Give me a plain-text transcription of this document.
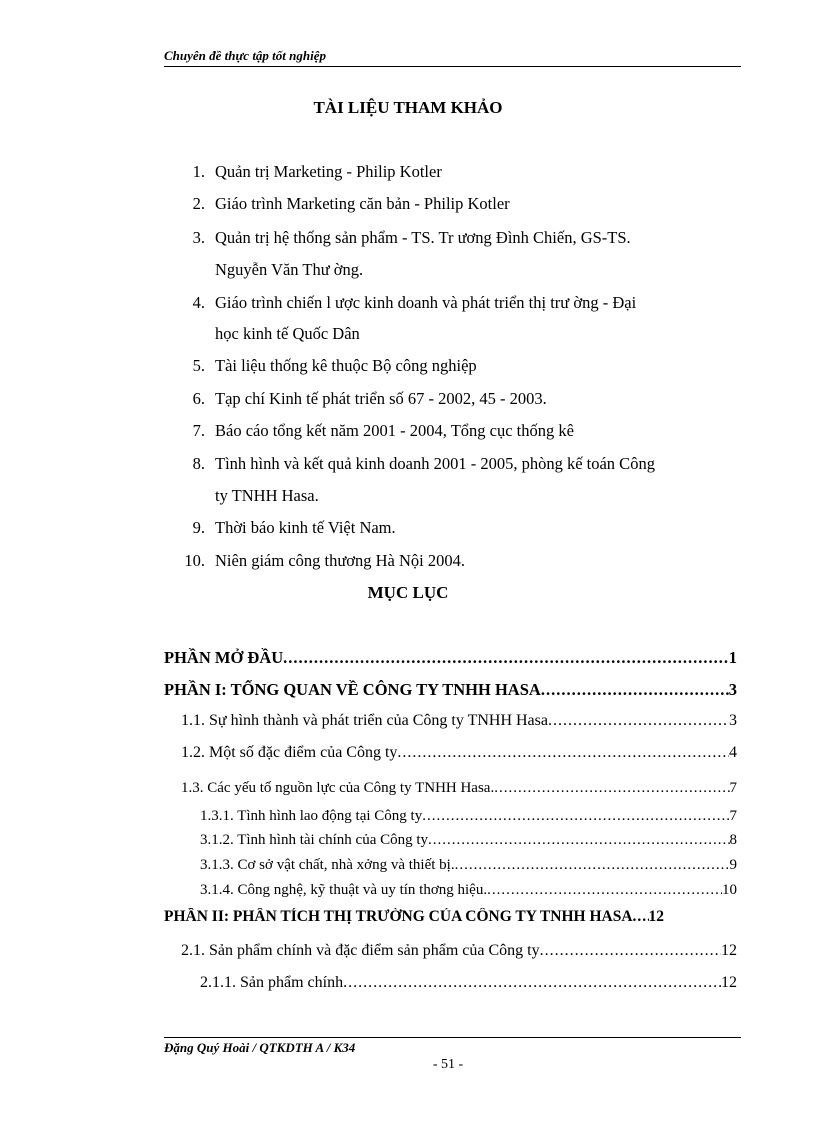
Chuyên đề thực tập tốt nghiệp
TÀI LIỆU THAM KHẢO
1. Quản trị Marketing - Philip Kotler
2. Giáo trình Marketing căn bản - Philip Kotler
3. Quản trị hệ thống sản phẩm - TS. Tr ương Đình Chiến, GS-TS.
Nguyễn Văn Thư ờng.
4. Giáo trình chiến l ược kinh doanh và phát triển thị trư ờng - Đại
học kinh tế Quốc Dân
5. Tài liệu thống kê thuộc Bộ công nghiệp
6. Tạp chí Kinh tế phát triển số 67 - 2002, 45 - 2003.
7. Báo cáo tổng kết năm 2001 - 2004, Tổng cục thống kê
8. Tình hình và kết quả kinh doanh 2001 - 2005, phòng kế toán Công
ty TNHH Hasa.
9. Thời báo kinh tế Việt Nam.
10. Niên giám công thương Hà Nội 2004.
MỤC LỤC
PHẦN MỞ ĐẦU .....	1
PHẦN I: TỔNG QUAN VỀ CÔNG TY TNHH HASA .....	3
1.1. Sự hình thành và phát triển của Công ty TNHH Hasa .....	3
1.2. Một số đặc điểm của Công ty .....	4
1.3. Các yếu tố nguồn lực của Công ty TNHH Hasa. .....	7
1.3.1. Tình hình lao động tại Công ty .....	7
3.1.2. Tình hình tài chính của Công ty .....	8
3.1.3. Cơ sở vật chất, nhà xởng và thiết bị. .....	9
3.1.4. Công nghệ, kỹ thuật và uy tín thơng hiệu. .....	10
PHẦN II: PHÂN TÍCH THỊ TRƯỜNG CỦA CÔNG TY TNHH HASA ..... 12
2.1. Sản phẩm chính và đặc điểm sản phẩm của Công ty .....	12
2.1.1. Sản phẩm chính .....	12
Đặng Quý Hoài / QTKDTH A / K34
- 51 -
